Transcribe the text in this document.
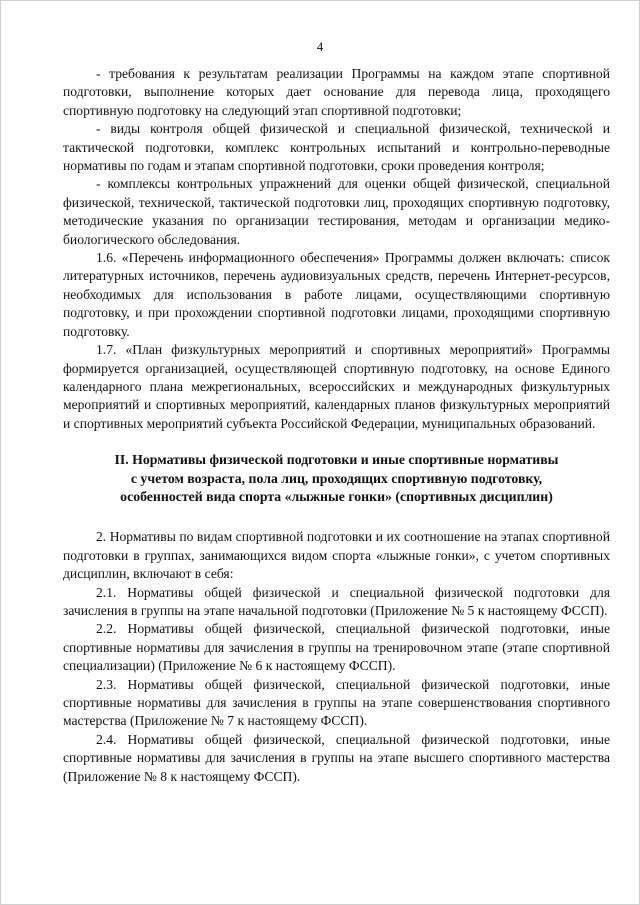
4

- требования к результатам реализации Программы на каждом этапе спортивной подготовки, выполнение которых дает основание для перевода лица, проходящего спортивную подготовку на следующий этап спортивной подготовки;

- виды контроля общей физической и специальной физической, технической и тактической подготовки, комплекс контрольных испытаний и контрольно-переводные нормативы по годам и этапам спортивной подготовки, сроки проведения контроля;

- комплексы контрольных упражнений для оценки общей физической, специальной физической, технической, тактической подготовки лиц, проходящих спортивную подготовку, методические указания по организации тестирования, методам и организации медико-биологического обследования.

1.6. «Перечень информационного обеспечения» Программы должен включать: список литературных источников, перечень аудиовизуальных средств, перечень Интернет-ресурсов, необходимых для использования в работе лицами, осуществляющими спортивную подготовку, и при прохождении спортивной подготовки лицами, проходящими спортивную подготовку.

1.7. «План физкультурных мероприятий и спортивных мероприятий» Программы формируется организацией, осуществляющей спортивную подготовку, на основе Единого календарного плана межрегиональных, всероссийских и международных физкультурных мероприятий и спортивных мероприятий, календарных планов физкультурных мероприятий и спортивных мероприятий субъекта Российской Федерации, муниципальных образований.

II. Нормативы физической подготовки и иные спортивные нормативы
с учетом возраста, пола лиц, проходящих спортивную подготовку,
особенностей вида спорта «лыжные гонки» (спортивных дисциплин)

2. Нормативы по видам спортивной подготовки и их соотношение на этапах спортивной подготовки в группах, занимающихся видом спорта «лыжные гонки», с учетом спортивных дисциплин, включают в себя:

2.1. Нормативы общей физической и специальной физической подготовки для зачисления в группы на этапе начальной подготовки (Приложение № 5 к настоящему ФССП).

2.2. Нормативы общей физической, специальной физической подготовки, иные спортивные нормативы для зачисления в группы на тренировочном этапе (этапе спортивной специализации) (Приложение № 6 к настоящему ФССП).

2.3. Нормативы общей физической, специальной физической подготовки, иные спортивные нормативы для зачисления в группы на этапе совершенствования спортивного мастерства (Приложение № 7 к настоящему ФССП).

2.4. Нормативы общей физической, специальной физической подготовки, иные спортивные нормативы для зачисления в группы на этапе высшего спортивного мастерства (Приложение № 8 к настоящему ФССП).
